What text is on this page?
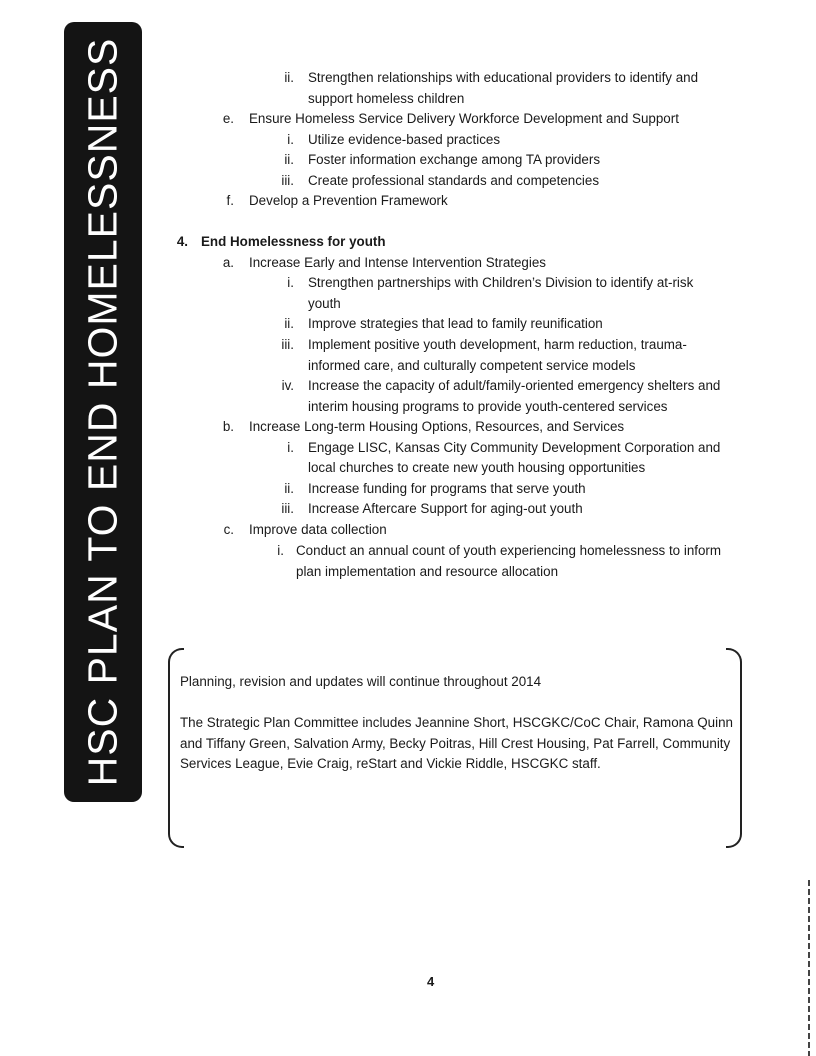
HSC PLAN TO END HOMELESSNESS	ii. Strengthen relationships with educational providers to identify and
support homeless children
e. Ensure Homeless Service Delivery Workforce Development and Support
i. Utilize evidence-based practices
ii. Foster information exchange among TA providers
iii. Create professional standards and competencies
f. Develop a Prevention Framework
4. End Homelessness for youth
a. Increase Early and Intense Intervention Strategies
i. Strengthen partnerships with Children’s Division to identify at-risk
youth
ii. Improve strategies that lead to family reunification
iii. Implement positive youth development, harm reduction, trauma-
informed care, and culturally competent service models
iv. Increase the capacity of adult/family-oriented emergency shelters and
interim housing programs to provide youth-centered services
b. Increase Long-term Housing Options, Resources, and Services
i. Engage LISC, Kansas City Community Development Corporation and
local churches to create new youth housing opportunities
ii. Increase funding for programs that serve youth
iii. Increase Aftercare Support for aging-out youth
c. Improve data collection
i. Conduct an annual count of youth experiencing homelessness to inform
plan implementation and resource allocation
Planning, revision and updates will continue throughout 2014
The Strategic Plan Committee includes Jeannine Short, HSCGKC/CoC Chair, Ramona Quinn
and Tiffany Green, Salvation Army, Becky Poitras, Hill Crest Housing, Pat Farrell, Community
Services League, Evie Craig, reStart and Vickie Riddle, HSCGKC staff.
4
